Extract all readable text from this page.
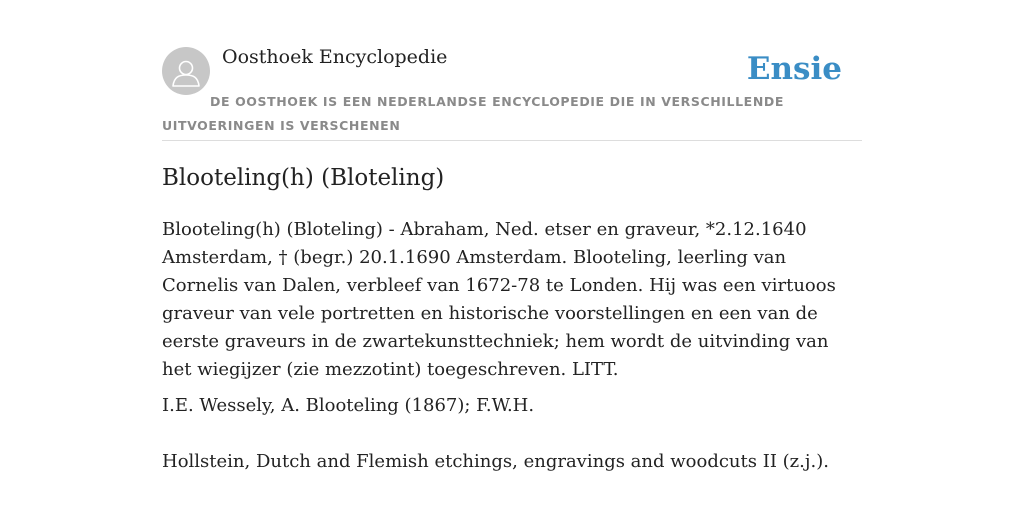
Oosthoek Encyclopedie	Ensie
DE OOSTHOEK IS EEN NEDERLANDSE ENCYCLOPEDIE DIE IN VERSCHILLENDE UITVOERINGEN IS VERSCHENEN
Blooteling(h) (Bloteling)

Blooteling(h) (Bloteling) - Abraham, Ned. etser en graveur, *2.12.1640 Amsterdam, † (begr.) 20.1.1690 Amsterdam. Blooteling, leerling van Cornelis van Dalen, verbleef van 1672-78 te Londen. Hij was een virtuoos graveur van vele portretten en historische voorstellingen en een van de eerste graveurs in de zwartekunsttechniek; hem wordt de uitvinding van het wiegijzer (zie mezzotint) toegeschreven. LITT.

I.E. Wessely, A. Blooteling (1867); F.W.H.

Hollstein, Dutch and Flemish etchings, engravings and woodcuts II (z.j.).
